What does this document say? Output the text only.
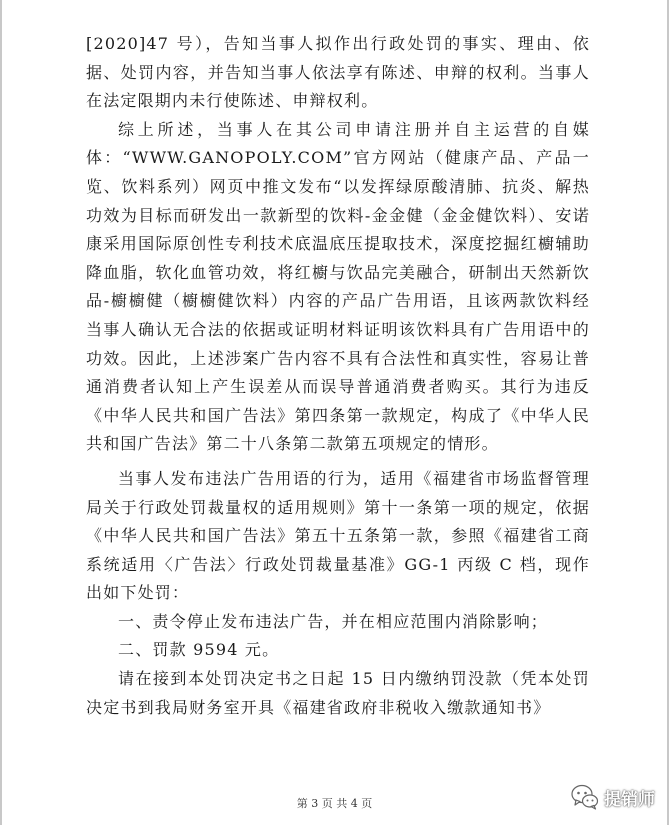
[2020]47 号），告知当事人拟作出行政处罚的事实、理由、依据、处罚内容，并告知当事人依法享有陈述、申辩的权利。当事人在法定限期内未行使陈述、申辩权利。

综上所述，当事人在其公司申请注册并自主运营的自媒体：“WWW.GANOPOLY.COM”官方网站（健康产品、产品一览、饮料系列）网页中推文发布“以发挥绿原酸清肺、抗炎、解热功效为目标而研发出一款新型的饮料-金金健（金金健饮料）、安诺康采用国际原创性专利技术底温底压提取技术，深度挖掘红櫥辅助降血脂，软化血管功效，将红櫥与饮品完美融合，研制出天然新饮品-櫥櫥健（櫥櫥健饮料）内容的产品广告用语，且该两款饮料经当事人确认无合法的依据或证明材料证明该饮料具有广告用语中的功效。因此，上述涉案广告内容不具有合法性和真实性，容易让普通消费者认知上产生误差从而误导普通消费者购买。其行为违反《中华人民共和国广告法》第四条第一款规定，构成了《中华人民共和国广告法》第二十八条第二款第五项规定的情形。

当事人发布违法广告用语的行为，适用《福建省市场监督管理局关于行政处罚裁量权的适用规则》第十一条第一项的规定，依据《中华人民共和国广告法》第五十五条第一款，参照《福建省工商系统适用〈广告法〉行政处罚裁量基准》GG-1 丙级 C 档，现作出如下处罚：

一、责令停止发布违法广告，并在相应范围内消除影响；

二、罚款 9594 元。

请在接到本处罚决定书之日起 15 日内缴纳罚没款（凭本处罚决定书到我局财务室开具《福建省政府非税收入缴款通知书》

第 3 页 共 4 页	提销师
